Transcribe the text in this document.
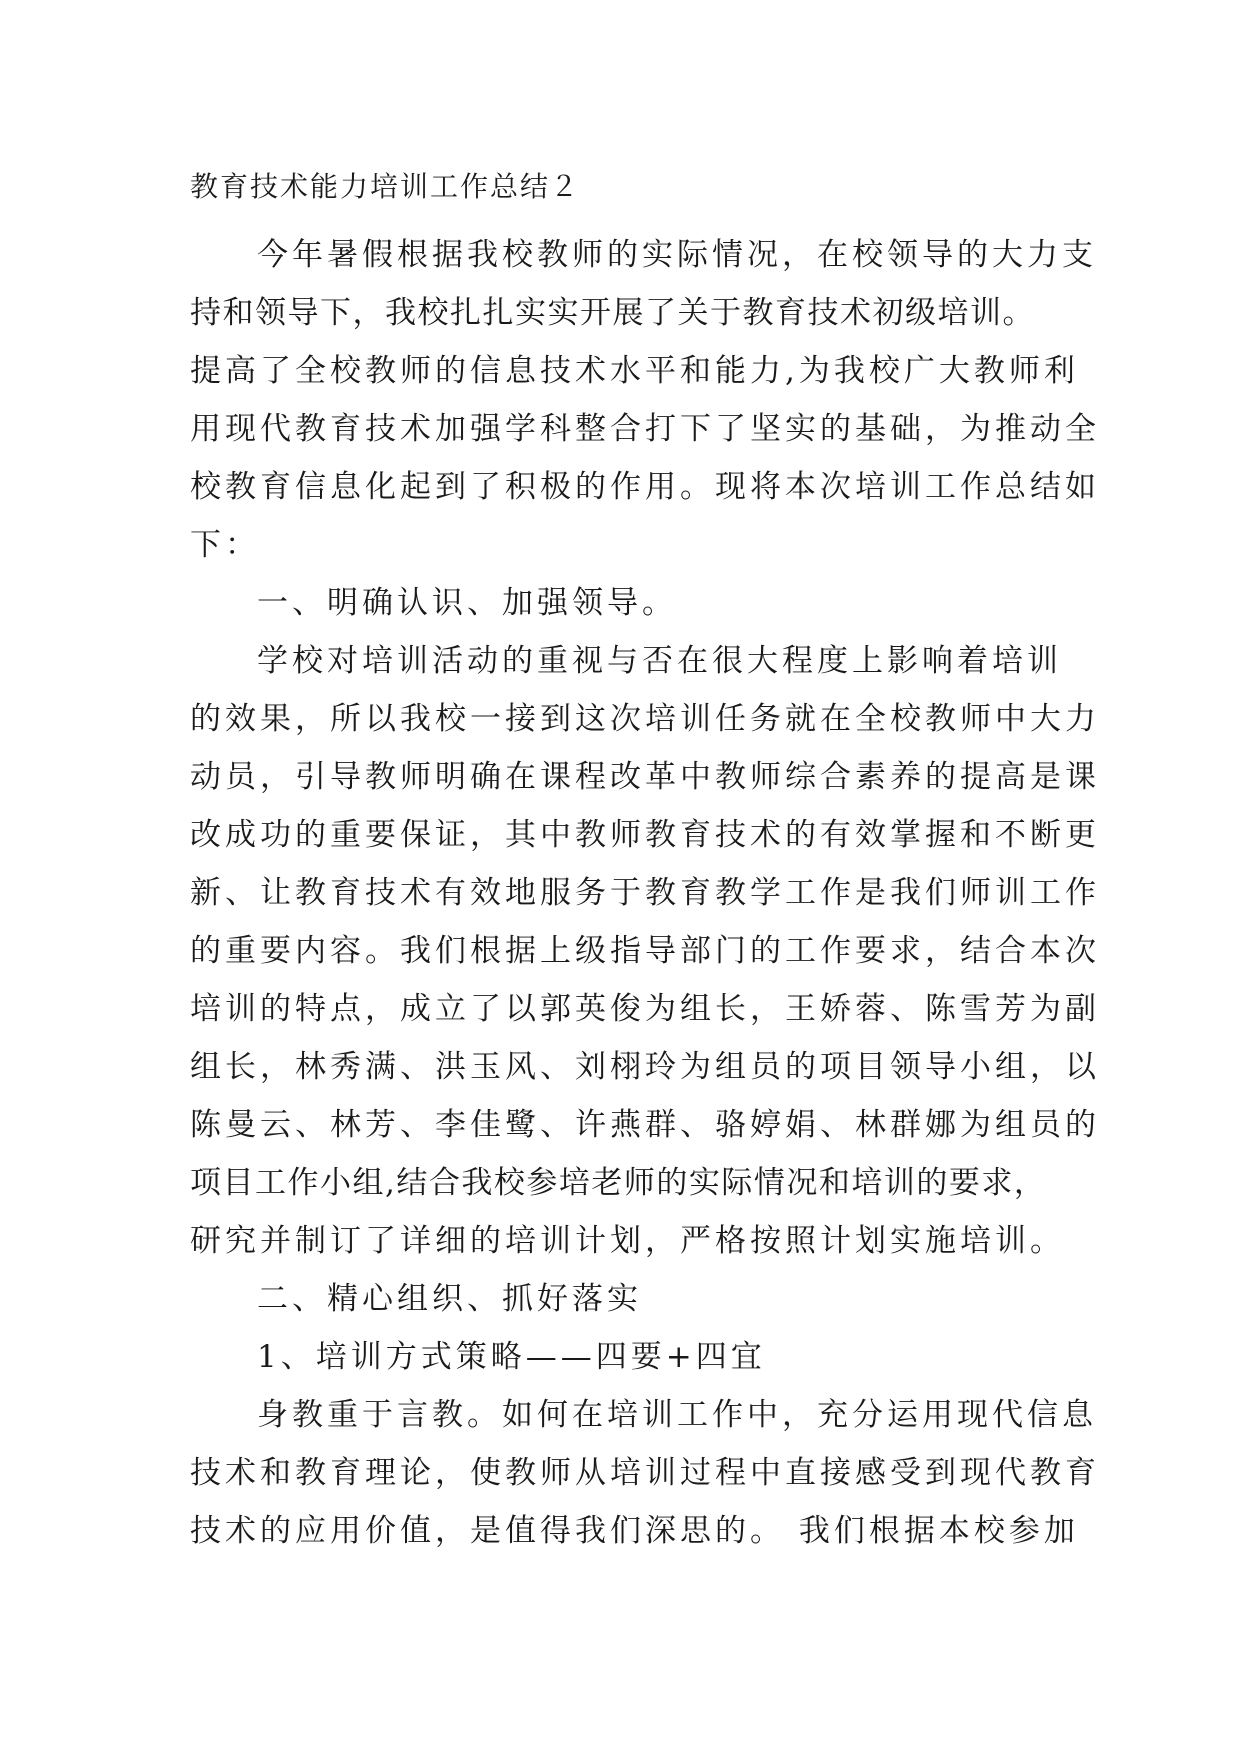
教育技术能力培训工作总结２
今年暑假根据我校教师的实际情况，在校领导的大力支
持和领导下，我校扎扎实实开展了关于教育技术初级培训。
提高了全校教师的信息技术水平和能力,为我校广大教师利
用现代教育技术加强学科整合打下了坚实的基础，为推动全
校教育信息化起到了积极的作用。现将本次培训工作总结如
下：
一、明确认识、加强领导。
学校对培训活动的重视与否在很大程度上影响着培训
的效果，所以我校一接到这次培训任务就在全校教师中大力
动员，引导教师明确在课程改革中教师综合素养的提高是课
改成功的重要保证，其中教师教育技术的有效掌握和不断更
新、让教育技术有效地服务于教育教学工作是我们师训工作
的重要内容。我们根据上级指导部门的工作要求，结合本次
培训的特点，成立了以郭英俊为组长，王娇蓉、陈雪芳为副
组长，林秀满、洪玉风、刘栩玲为组员的项目领导小组，以
陈曼云、林芳、李佳鹭、许燕群、骆婷娟、林群娜为组员的
项目工作小组,结合我校参培老师的实际情况和培训的要求，
研究并制订了详细的培训计划，严格按照计划实施培训。
二、精心组织、抓好落实
1、培训方式策略——四要+四宜
身教重于言教。如何在培训工作中，充分运用现代信息
技术和教育理论，使教师从培训过程中直接感受到现代教育
技术的应用价值，是值得我们深思的。 我们根据本校参加
